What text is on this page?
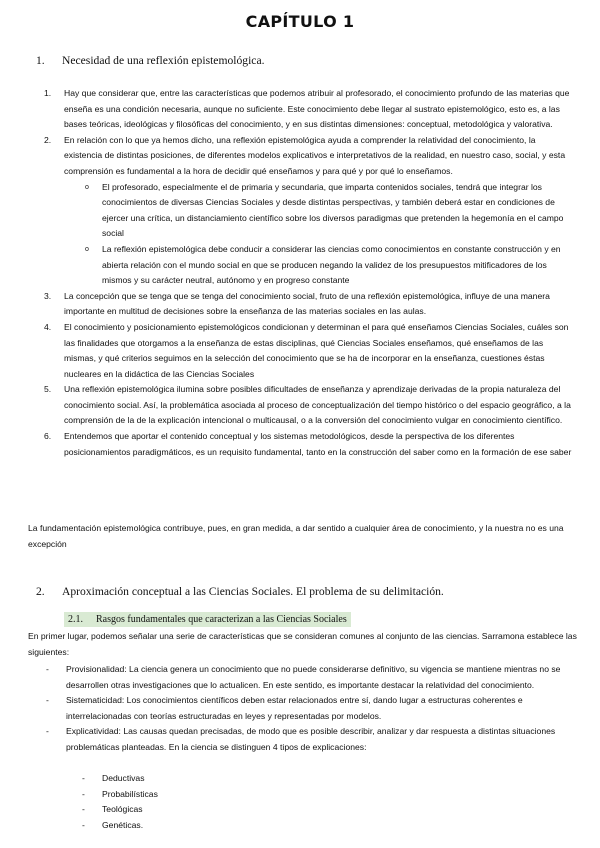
CAPÍTULO 1
1. Necesidad de una reflexión epistemológica.
1. Hay que considerar que, entre las características que podemos atribuir al profesorado, el conocimiento profundo de las materias que enseña es una condición necesaria, aunque no suficiente. Este conocimiento debe llegar al sustrato epistemológico, esto es, a las bases teóricas, ideológicas y filosóficas del conocimiento, y en sus distintas dimensiones: conceptual, metodológica y valorativa.
2. En relación con lo que ya hemos dicho, una reflexión epistemológica ayuda a comprender la relatividad del conocimiento, la existencia de distintas posiciones, de diferentes modelos explicativos e interpretativos de la realidad, en nuestro caso, social, y esta comprensión es fundamental a la hora de decidir qué enseñamos y para qué y por qué lo enseñamos.
o El profesorado, especialmente el de primaria y secundaria, que imparta contenidos sociales, tendrá que integrar los conocimientos de diversas Ciencias Sociales y desde distintas perspectivas, y también deberá estar en condiciones de ejercer una crítica, un distanciamiento científico sobre los diversos paradigmas que pretenden la hegemonía en el campo social
o La reflexión epistemológica debe conducir a considerar las ciencias como conocimientos en constante construcción y en abierta relación con el mundo social en que se producen negando la validez de los presupuestos mitificadores de los mismos y su carácter neutral, autónomo y en progreso constante
3. La concepción que se tenga que se tenga del conocimiento social, fruto de una reflexión epistemológica, influye de una manera importante en multitud de decisiones sobre la enseñanza de las materias sociales en las aulas.
4. El conocimiento y posicionamiento epistemológicos condicionan y determinan el para qué enseñamos Ciencias Sociales, cuáles son las finalidades que otorgamos a la enseñanza de estas disciplinas, qué Ciencias Sociales enseñamos, qué enseñamos de las mismas, y qué criterios seguimos en la selección del conocimiento que se ha de incorporar en la enseñanza, cuestiones éstas nucleares en la didáctica de las Ciencias Sociales
5. Una reflexión epistemológica ilumina sobre posibles dificultades de enseñanza y aprendizaje derivadas de la propia naturaleza del conocimiento social. Así, la problemática asociada al proceso de conceptualización del tiempo histórico o del espacio geográfico, a la comprensión de la de la explicación intencional o multicausal, o a la conversión del conocimiento vulgar en conocimiento científico.
6. Entendemos que aportar el contenido conceptual y los sistemas metodológicos, desde la perspectiva de los diferentes posicionamientos paradigmáticos, es un requisito fundamental, tanto en la construcción del saber como en la formación de ese saber
La fundamentación epistemológica contribuye, pues, en gran medida, a dar sentido a cualquier área de conocimiento, y la nuestra no es una excepción
2. Aproximación conceptual a las Ciencias Sociales. El problema de su delimitación.
2.1. Rasgos fundamentales que caracterizan a las Ciencias Sociales
En primer lugar, podemos señalar una serie de características que se consideran comunes al conjunto de las ciencias. Sarramona establece las siguientes:
- Provisionalidad: La ciencia genera un conocimiento que no puede considerarse definitivo, su vigencia se mantiene mientras no se desarrollen otras investigaciones que lo actualicen. En este sentido, es importante destacar la relatividad del conocimiento.
- Sistematicidad: Los conocimientos científicos deben estar relacionados entre sí, dando lugar a estructuras coherentes e interrelacionadas con teorías estructuradas en leyes y representadas por modelos.
- Explicatividad: Las causas quedan precisadas, de modo que es posible describir, analizar y dar respuesta a distintas situaciones problemáticas planteadas. En la ciencia se distinguen 4 tipos de explicaciones:
- Deductivas
- Probabilísticas
- Teológicas
- Genéticas.
